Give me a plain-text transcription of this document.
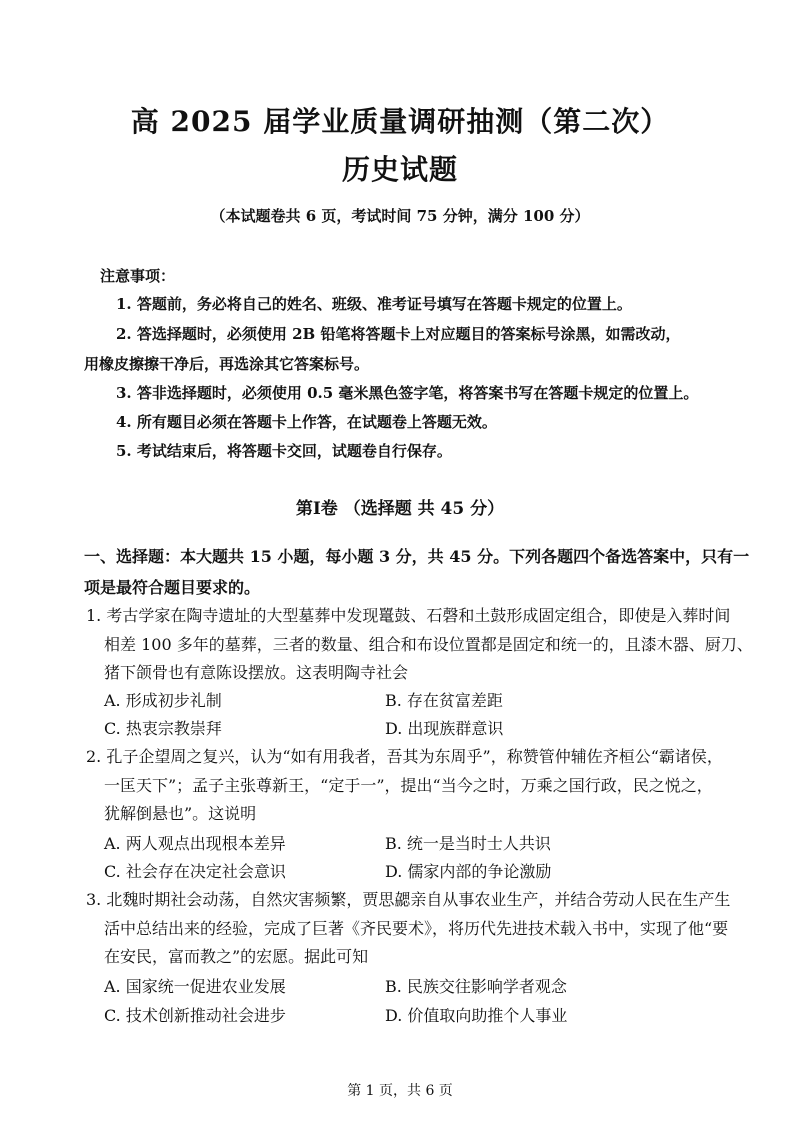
高 2025 届学业质量调研抽测（第二次）
历史试题
（本试题卷共 6 页，考试时间 75 分钟，满分 100 分）
注意事项：
1. 答题前，务必将自己的姓名、班级、准考证号填写在答题卡规定的位置上。
2. 答选择题时，必须使用 2B 铅笔将答题卡上对应题目的答案标号涂黑，如需改动，
用橡皮擦擦干净后，再选涂其它答案标号。
3. 答非选择题时，必须使用 0.5 毫米黑色签字笔，将答案书写在答题卡规定的位置上。
4. 所有题目必须在答题卡上作答，在试题卷上答题无效。
5. 考试结束后，将答题卡交回，试题卷自行保存。
第Ⅰ卷 （选择题 共 45 分）
一、选择题：本大题共 15 小题，每小题 3 分，共 45 分。下列各题四个备选答案中，只有一
项是最符合题目要求的。
1. 考古学家在陶寺遗址的大型墓葬中发现鼍鼓、石磬和土鼓形成固定组合，即使是入葬时间
相差 100 多年的墓葬，三者的数量、组合和布设位置都是固定和统一的，且漆木器、厨刀、
猪下颌骨也有意陈设摆放。这表明陶寺社会
A. 形成初步礼制	B. 存在贫富差距
C. 热衷宗教崇拜	D. 出现族群意识
2. 孔子企望周之复兴，认为“如有用我者，吾其为东周乎”，称赞管仲辅佐齐桓公“霸诸侯，
一匡天下”；孟子主张尊新王，“定于一”，提出“当今之时，万乘之国行政，民之悦之，
犹解倒悬也”。这说明
A. 两人观点出现根本差异	B. 统一是当时士人共识
C. 社会存在决定社会意识	D. 儒家内部的争论激励
3. 北魏时期社会动荡，自然灾害频繁，贾思勰亲自从事农业生产，并结合劳动人民在生产生
活中总结出来的经验，完成了巨著《齐民要术》，将历代先进技术载入书中，实现了他“要
在安民，富而教之”的宏愿。据此可知
A. 国家统一促进农业发展	B. 民族交往影响学者观念
C. 技术创新推动社会进步	D. 价值取向助推个人事业
第 1 页，共 6 页
